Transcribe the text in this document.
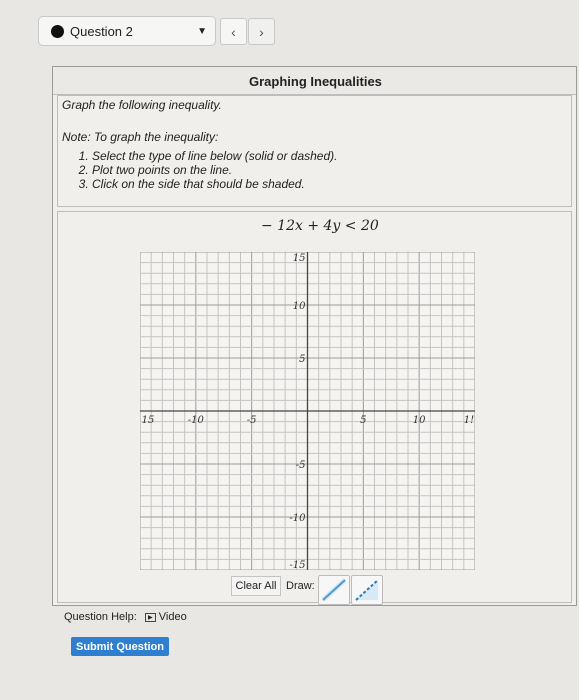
Question 2	▼ ‹ ›
Graphing Inequalities
Graph the following inequality.
Note: To graph the inequality:
1. Select the type of line below (solid or dashed).
2. Plot two points on the line.
3. Click on the side that should be shaded.
− 12x + 4y < 20
15	-10	-5	5	10	1!
15
10
5
-5
-10
-15
Clear All Draw:
Question Help:	▶ Video
Submit Question
